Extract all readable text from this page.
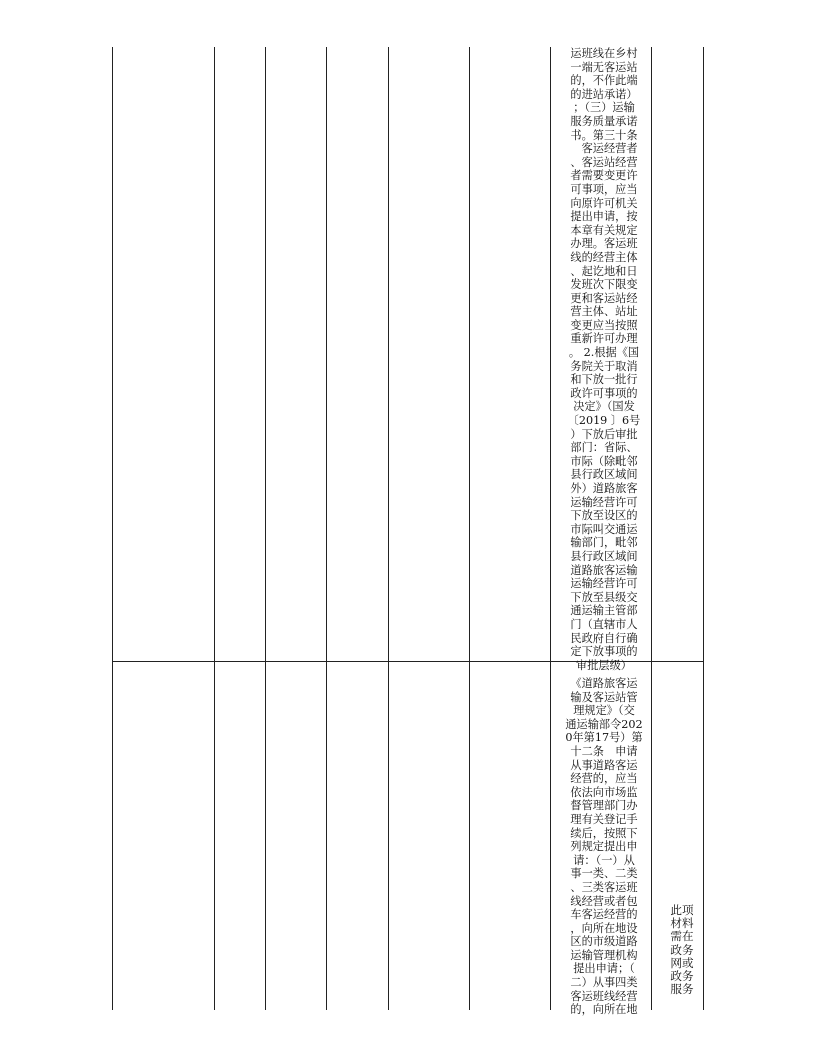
运班线在乡村
一端无客运站
的，不作此端
的进站承诺）
；（三）运输
服务质量承诺
书。第三十条
　客运经营者
、客运站经营
者需要变更许
可事项，应当
向原许可机关
提出申请，按
本章有关规定
办理。客运班
线的经营主体
、起讫地和日
发班次下限变
更和客运站经
营主体、站址
变更应当按照
重新许可办理
。 2.根据《国
务院关于取消
和下放一批行
政许可事项的
决定》（国发
〔2019 〕6号
）下放后审批
部门：省际、
市际（除毗邻
县行政区域间
外）道路旅客
运输经营许可
下放至设区的
市际叫交通运
输部门，毗邻
县行政区域间
道路旅客运输
运输经营许可
下放至县级交
通运输主管部
门（直辖市人
民政府自行确
定下放事项的
审批层级）
《道路旅客运
输及客运站管
理规定》（交
通运输部令202
0年第17号）第
十二条　申请
从事道路客运
经营的，应当
依法向市场监
督管理部门办
理有关登记手
续后，按照下
列规定提出申
请：（一）从
事一类、二类
、三类客运班
线经营或者包
车客运经营的
，向所在地设
区的市级道路
运输管理机构
提出申请；（
二）从事四类
客运班线经营
的，向所在地
此项
材料
需在
政务
网或
政务
服务
